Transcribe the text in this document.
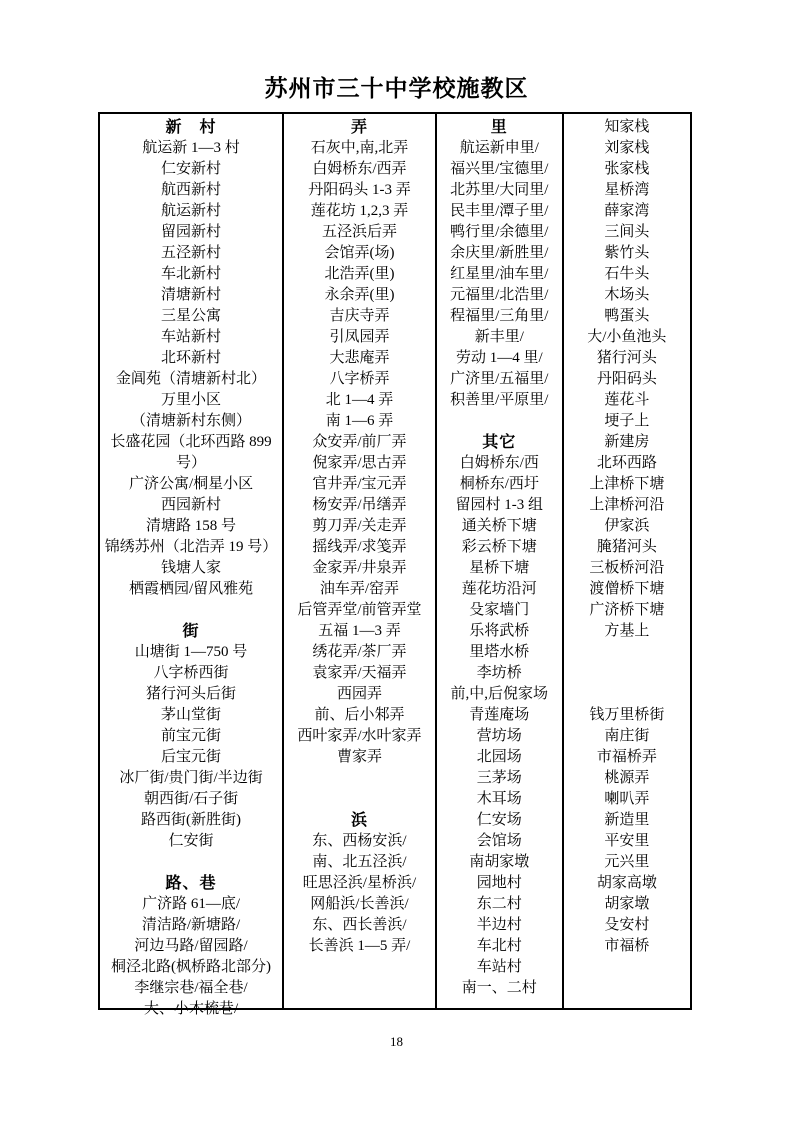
苏州市三十中学校施教区
新　村
航运新 1—3 村
仁安新村
航西新村
航运新村
留园新村
五泾新村
车北新村
清塘新村
三星公寓
车站新村
北环新村
金阊苑（清塘新村北）
万里小区
（清塘新村东侧）
长盛花园（北环西路 899
号）
广济公寓/桐星小区
西园新村
清塘路 158 号
锦绣苏州（北浩弄 19 号）
钱塘人家
栖霞栖园/留风雅苑

街
山塘街 1—750 号
八字桥西街
猪行河头后街
茅山堂街
前宝元街
后宝元街
冰厂街/贵门街/半边街
朝西街/石子街
路西街(新胜街)
仁安街

路、巷
广济路 61—底/
清洁路/新塘路/
河边马路/留园路/
桐泾北路(枫桥路北部分)
李继宗巷/福全巷/
大、小木梳巷/
弄
石灰中,南,北弄
白姆桥东/西弄
丹阳码头 1-3 弄
莲花坊 1,2,3 弄
五泾浜后弄
会馆弄(场)
北浩弄(里)
永余弄(里)
吉庆寺弄
引凤园弄
大悲庵弄
八字桥弄
北 1—4 弄
南 1—6 弄
众安弄/前厂弄
倪家弄/思古弄
官井弄/宝元弄
杨安弄/吊缮弄
剪刀弄/关走弄
摇线弄/求笺弄
金家弄/井泉弄
油车弄/窑弄
后管弄堂/前管弄堂
五福 1—3 弄
绣花弄/茶厂弄
袁家弄/天福弄
西园弄
前、后小邾弄
西叶家弄/水叶家弄
曹家弄

浜
东、西杨安浜/
南、北五泾浜/
旺思泾浜/星桥浜/
网船浜/长善浜/
东、西长善浜/
长善浜 1—5 弄/
里
航运新申里/
福兴里/宝德里/
北苏里/大同里/
民丰里/潭子里/
鸭行里/余德里/
余庆里/新胜里/
红星里/油车里/
元福里/北浩里/
程福里/三角里/
新丰里/
劳动 1—4 里/
广济里/五福里/
积善里/平原里/

其它
白姆桥东/西
桐桥东/西圩
留园村 1-3 组
通关桥下塘
彩云桥下塘
星桥下塘
莲花坊沿河
殳家墙门
乐将武桥
里塔水桥
李坊桥
前,中,后倪家场
青莲庵场
营坊场
北园场
三茅场
木耳场
仁安场
会馆场
南胡家墩
园地村
东二村
半边村
车北村
车站村
南一、二村
知家栈
刘家栈
张家栈
星桥湾
薛家湾
三间头
紫竹头
石牛头
木场头
鸭蛋头
大/小鱼池头
猪行河头
丹阳码头
莲花斗
埂子上
新建房
北环西路
上津桥下塘
上津桥河沿
伊家浜
腌猪河头
三板桥河沿
渡僧桥下塘
广济桥下塘
方基上

钱万里桥街
南庄街
市福桥弄
桃源弄
喇叭弄
新造里
平安里
元兴里
胡家高墩
胡家墩
殳安村
市福桥
18
